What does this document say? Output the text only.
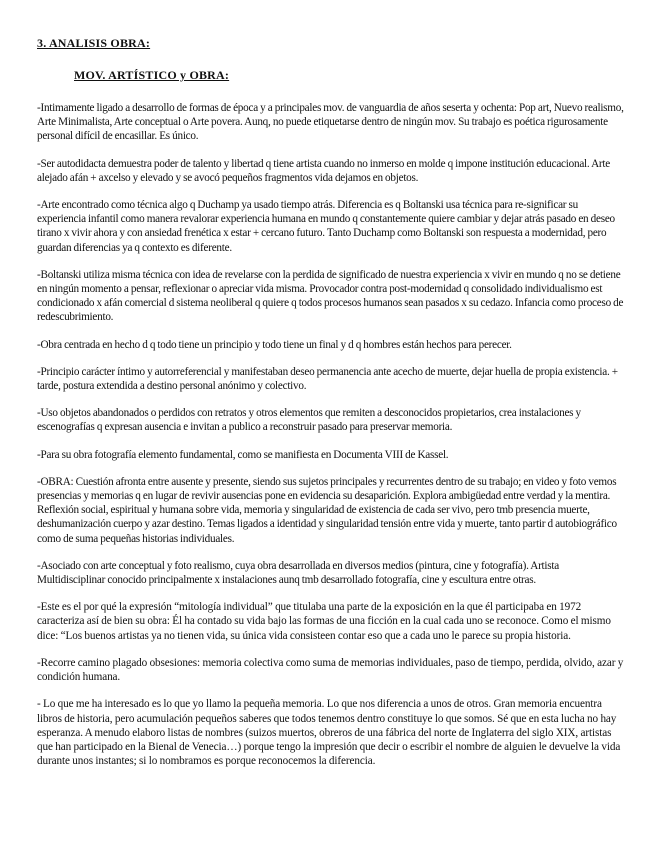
3. ANALISIS OBRA:
MOV. ARTÍSTICO y OBRA:

-Intimamente ligado a desarrollo de formas de época y a principales mov. de vanguardia de años seserta y ochenta: Pop art, Nuevo realismo, Arte Minimalista, Arte conceptual o Arte povera. Aunq, no puede etiquetarse dentro de ningún mov. Su trabajo es poética rigurosamente personal difícil de encasillar. Es único.

-Ser autodidacta demuestra poder de talento y libertad q tiene artista cuando no inmerso en molde q impone institución educacional. Arte alejado afán + axcelso y elevado y se avocó pequeños fragmentos vida dejamos en objetos.

-Arte encontrado como técnica algo q Duchamp ya usado tiempo atrás. Diferencia es q Boltanski usa técnica para re-significar su experiencia infantil como manera revalorar experiencia humana en mundo q constantemente quiere cambiar y dejar atrás pasado en deseo tirano x vivir ahora y con ansiedad frenética x estar + cercano futuro. Tanto Duchamp como Boltanski son respuesta a modernidad, pero guardan diferencias ya q contexto es diferente.

-Boltanski utiliza misma técnica con idea de revelarse con la perdida de significado de nuestra experiencia x vivir en mundo q no se detiene en ningún momento a pensar, reflexionar o apreciar vida misma. Provocador contra post-modernidad q consolidado individualismo est condicionado x afán comercial d sistema neoliberal q quiere q todos procesos humanos sean pasados x su cedazo. Infancia como proceso de redescubrimiento.

-Obra centrada en hecho d q todo tiene un principio y todo tiene un final y d q hombres están hechos para perecer.

-Principio carácter íntimo y autorreferencial y manifestaban deseo permanencia ante acecho de muerte, dejar huella de propia existencia. + tarde, postura extendida a destino personal anónimo y colectivo.

-Uso objetos abandonados o perdidos con retratos y otros elementos que remiten a desconocidos propietarios, crea instalaciones y escenografías q expresan ausencia e invitan a publico a reconstruir pasado para preservar memoria.

-Para su obra fotografía elemento fundamental, como se manifiesta en Documenta VIII de Kassel.

-OBRA: Cuestión afronta entre ausente y presente, siendo sus sujetos principales y recurrentes dentro de su trabajo; en video y foto vemos presencias y memorias q en lugar de revivir ausencias pone en evidencia su desaparición. Explora ambigüedad entre verdad y la mentira. Reflexión social, espiritual y humana sobre vida, memoria y singularidad de existencia de cada ser vivo, pero tmb presencia muerte, deshumanización cuerpo y azar destino. Temas ligados a identidad y singularidad tensión entre vida y muerte, tanto partir d autobiográfico como de suma pequeñas historias individuales.

-Asociado con arte conceptual y foto realismo, cuya obra desarrollada en diversos medios (pintura, cine y fotografía). Artista Multidisciplinar conocido principalmente x instalaciones aunq tmb desarrollado fotografía, cine y escultura entre otras.

-Este es el por qué la expresión “mitología individual” que titulaba una parte de la exposición en la que él participaba en 1972 caracteriza así de bien su obra: Él ha contado su vida bajo las formas de una ficción en la cual cada uno se reconoce. Como el mismo dice: “Los buenos artistas ya no tienen vida, su única vida consisteen contar eso que a cada uno le parece su propia historia.

-Recorre camino plagado obsesiones: memoria colectiva como suma de memorias individuales, paso de tiempo, perdida, olvido, azar y condición humana.

- Lo que me ha interesado es lo que yo llamo la pequeña memoria. Lo que nos diferencia a unos de otros. Gran memoria encuentra libros de historia, pero acumulación pequeños saberes que todos tenemos dentro constituye lo que somos. Sé que en esta lucha no hay esperanza. A menudo elaboro listas de nombres (suizos muertos, obreros de una fábrica del norte de Inglaterra del siglo XIX, artistas que han participado en la Bienal de Venecia…) porque tengo la impresión que decir o escribir el nombre de alguien le devuelve la vida durante unos instantes; si lo nombramos es porque reconocemos la diferencia.
